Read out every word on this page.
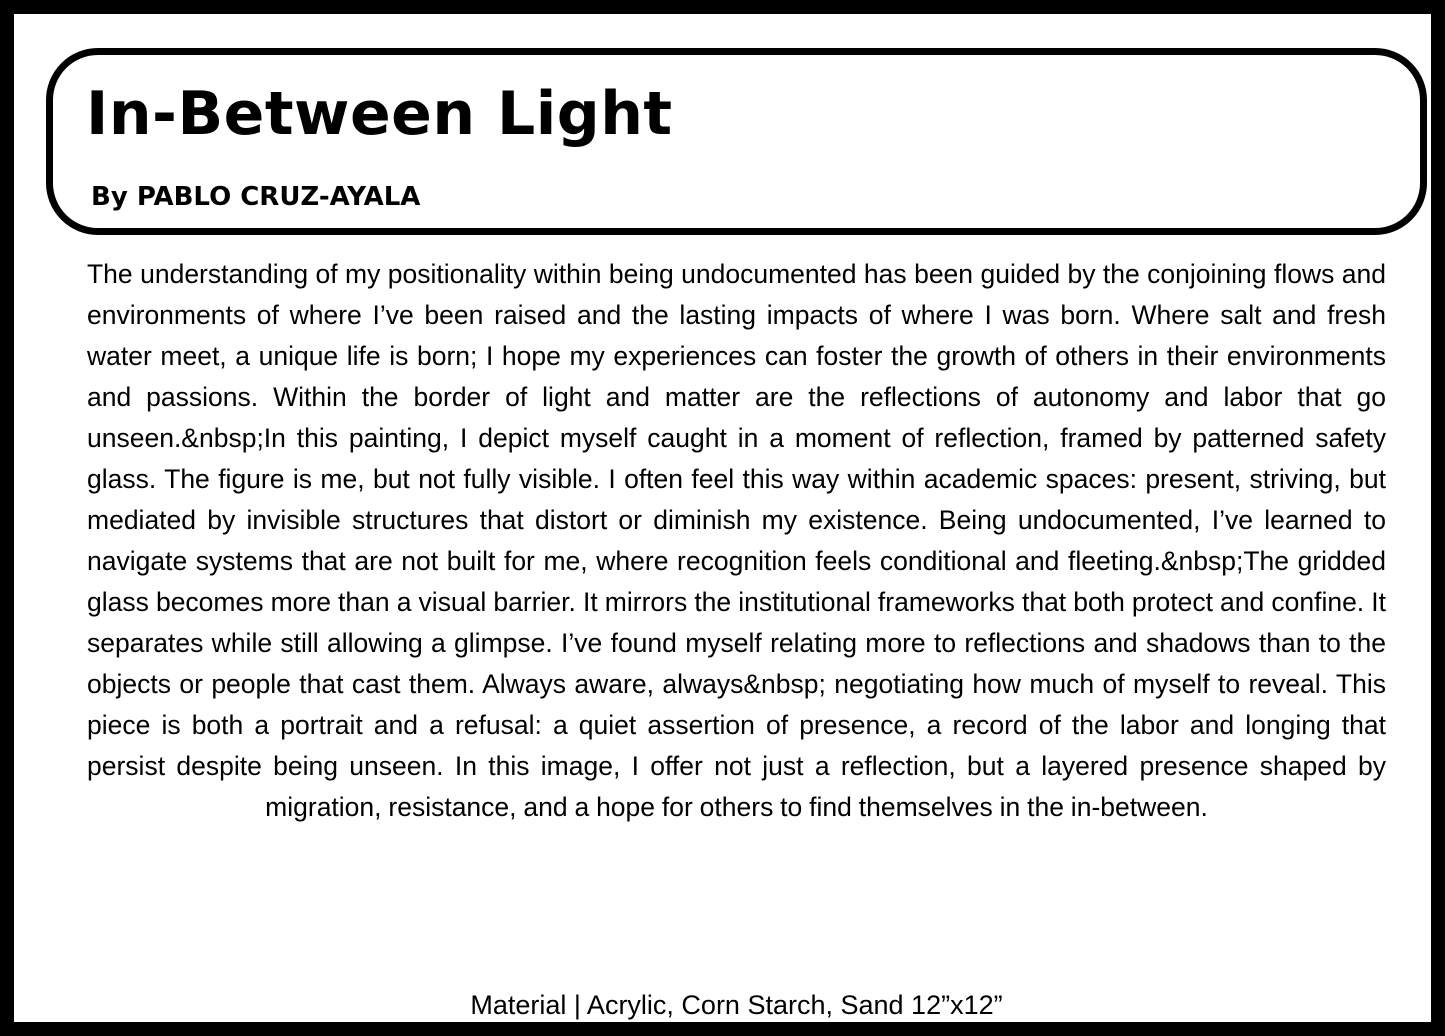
In-Between Light
By PABLO CRUZ-AYALA

The understanding of my positionality within being undocumented has been guided by the conjoining flows and environments of where I’ve been raised and the lasting impacts of where I was born. Where salt and fresh water meet, a unique life is born; I hope my experiences can foster the growth of others in their environments and passions. Within the border of light and matter are the reflections of autonomy and labor that go unseen.&nbsp;In this painting, I depict myself caught in a moment of reflection, framed by patterned safety glass. The figure is me, but not fully visible. I often feel this way within academic spaces: present, striving, but mediated by invisible structures that distort or diminish my existence. Being undocumented, I’ve learned to navigate systems that are not built for me, where recognition feels conditional and fleeting.&nbsp;The gridded glass becomes more than a visual barrier. It mirrors the institutional frameworks that both protect and confine. It separates while still allowing a glimpse. I’ve found myself relating more to reflections and shadows than to the objects or people that cast them. Always aware, always&nbsp; negotiating how much of myself to reveal. This piece is both a portrait and a refusal: a quiet assertion of presence, a record of the labor and longing that persist despite being unseen. In this image, I offer not just a reflection, but a layered presence shaped by migration, resistance, and a hope for others to find themselves in the in-between.

Material | Acrylic, Corn Starch, Sand 12”x12”
